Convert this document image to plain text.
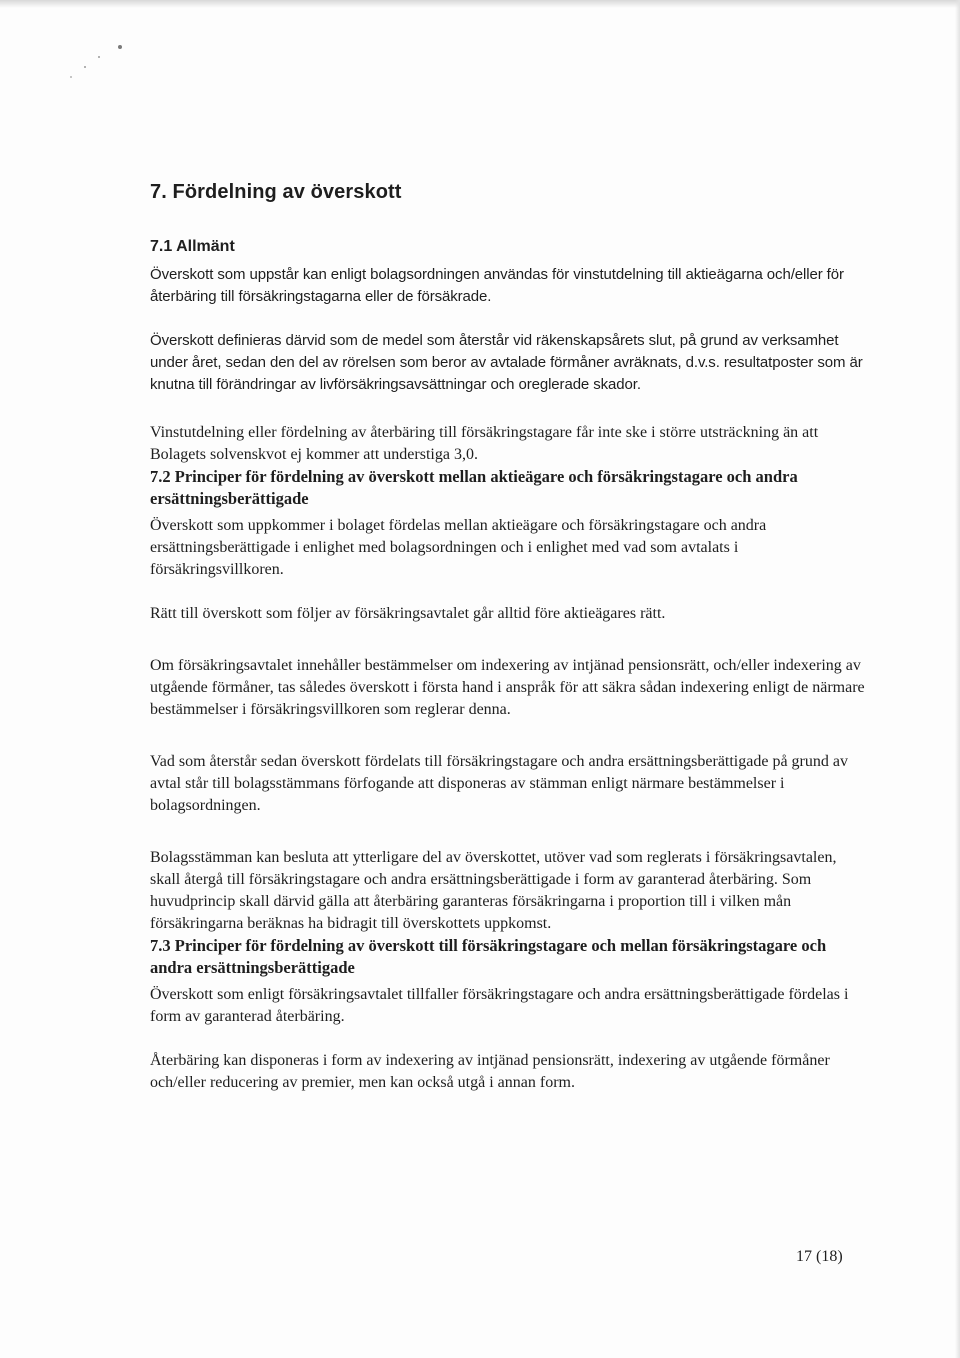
7. Fördelning av överskott
7.1 Allmänt

Överskott som uppstår kan enligt bolagsordningen användas för vinstutdelning till aktieägarna och/eller för återbäring till försäkringstagarna eller de försäkrade.

Överskott definieras därvid som de medel som återstår vid räkenskapsårets slut, på grund av verksamhet under året, sedan den del av rörelsen som beror av avtalade förmåner avräknats, d.v.s. resultatposter som är knutna till förändringar av livförsäkringsavsättningar och oreglerade skador.

Vinstutdelning eller fördelning av återbäring till försäkringstagare får inte ske i större utsträckning än att Bolagets solvenskvot ej kommer att understiga 3,0.

7.2 Principer för fördelning av överskott mellan aktieägare och försäkringstagare och andra ersättningsberättigade

Överskott som uppkommer i bolaget fördelas mellan aktieägare och försäkringstagare och andra ersättningsberättigade i enlighet med bolagsordningen och i enlighet med vad som avtalats i försäkringsvillkoren.

Rätt till överskott som följer av försäkringsavtalet går alltid före aktieägares rätt.

Om försäkringsavtalet innehåller bestämmelser om indexering av intjänad pensionsrätt, och/eller indexering av utgående förmåner, tas således överskott i första hand i anspråk för att säkra sådan indexering enligt de närmare bestämmelser i försäkringsvillkoren som reglerar denna.

Vad som återstår sedan överskott fördelats till försäkringstagare och andra ersättningsberättigade på grund av avtal står till bolagsstämmans förfogande att disponeras av stämman enligt närmare bestämmelser i bolagsordningen.

Bolagsstämman kan besluta att ytterligare del av överskottet, utöver vad som reglerats i försäkringsavtalen, skall återgå till försäkringstagare och andra ersättningsberättigade i form av garanterad återbäring. Som huvudprincip skall därvid gälla att återbäring garanteras försäkringarna i proportion till i vilken mån försäkringarna beräknas ha bidragit till överskottets uppkomst.

7.3 Principer för fördelning av överskott till försäkringstagare och mellan försäkringstagare och andra ersättningsberättigade

Överskott som enligt försäkringsavtalet tillfaller försäkringstagare och andra ersättningsberättigade fördelas i form av garanterad återbäring.

Återbäring kan disponeras i form av indexering av intjänad pensionsrätt, indexering av utgående förmåner och/eller reducering av premier, men kan också utgå i annan form.

17 (18)
